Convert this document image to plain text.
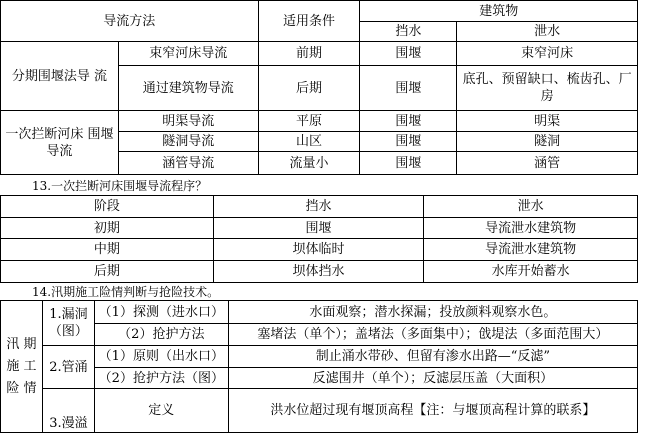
导流方法		适用条件	建筑物	
			挡水	泄水
分期围堰法导 流	束窄河床导流	前期	围堰	束窄河床
	通过建筑物导流	后期	围堰	底孔、预留缺口、梳齿孔、厂房
一次拦断河床 围堰导流	明渠导流	平原	围堰	明渠
	隧洞导流	山区	围堰	隧洞
	涵管导流	流量小	围堰	涵管
13.一次拦断河床围堰导流程序？
阶段	挡水	泄水
初期	围堰	导流泄水建筑物
中期	坝体临时	导流泄水建筑物
后期	坝体挡水	水库开始蓄水
14.汛期施工险情判断与抢险技术。
汛 期 施 工 险 情	1.漏洞（图）	（1）探测（进水口）	水面观察；潜水探漏；投放颜料观察水色。
		（2）抢护方法	塞堵法（单个）；盖堵法（多面集中）；戗堤法（多面范围大）
	2.管涌	（1）原则（出水口）	制止涌水带砂、但留有渗水出路—“反滤”
		（2）抢护方法（图）	反滤围井（单个）；反滤层压盖（大面积）
	3.漫溢	定义	洪水位超过现有堰顶高程【注：与堰顶高程计算的联系】
